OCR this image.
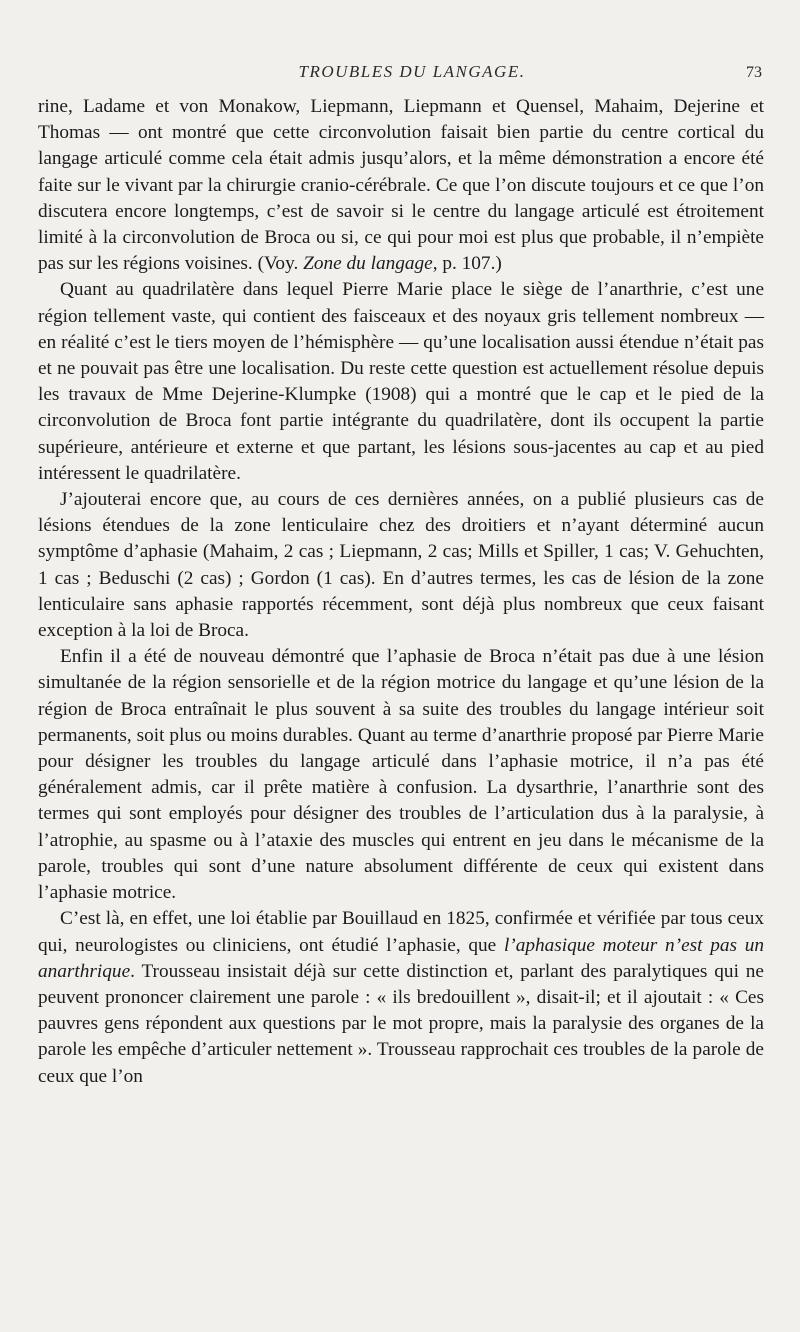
TROUBLES DU LANGAGE.	73

rine, Ladame et von Monakow, Liepmann, Liepmann et Quensel, Mahaim, Dejerine et Thomas — ont montré que cette circonvolution faisait bien partie du centre cortical du langage articulé comme cela était admis jusqu’alors, et la même démonstration a encore été faite sur le vivant par la chirurgie cranio-cérébrale. Ce que l’on discute toujours et ce que l’on discutera encore longtemps, c’est de savoir si le centre du langage articulé est étroitement limité à la circonvolution de Broca ou si, ce qui pour moi est plus que probable, il n’empiète pas sur les régions voisines. (Voy. Zone du langage, p. 107.)

Quant au quadrilatère dans lequel Pierre Marie place le siège de l’anarthrie, c’est une région tellement vaste, qui contient des faisceaux et des noyaux gris tellement nombreux — en réalité c’est le tiers moyen de l’hémisphère — qu’une localisation aussi étendue n’était pas et ne pouvait pas être une localisation. Du reste cette question est actuellement résolue depuis les travaux de Mme Dejerine-Klumpke (1908) qui a montré que le cap et le pied de la circonvolution de Broca font partie intégrante du quadrilatère, dont ils occupent la partie supérieure, antérieure et externe et que partant, les lésions sous-jacentes au cap et au pied intéressent le quadrilatère.

J’ajouterai encore que, au cours de ces dernières années, on a publié plusieurs cas de lésions étendues de la zone lenticulaire chez des droitiers et n’ayant déterminé aucun symptôme d’aphasie (Mahaim, 2 cas ; Liepmann, 2 cas; Mills et Spiller, 1 cas; V. Gehuchten, 1 cas ; Beduschi (2 cas) ; Gordon (1 cas). En d’autres termes, les cas de lésion de la zone lenticulaire sans aphasie rapportés récemment, sont déjà plus nombreux que ceux faisant exception à la loi de Broca.

Enfin il a été de nouveau démontré que l’aphasie de Broca n’était pas due à une lésion simultanée de la région sensorielle et de la région motrice du langage et qu’une lésion de la région de Broca entraînait le plus souvent à sa suite des troubles du langage intérieur soit permanents, soit plus ou moins durables. Quant au terme d’anarthrie proposé par Pierre Marie pour désigner les troubles du langage articulé dans l’aphasie motrice, il n’a pas été généralement admis, car il prête matière à confusion. La dysarthrie, l’anarthrie sont des termes qui sont employés pour désigner des troubles de l’articulation dus à la paralysie, à l’atrophie, au spasme ou à l’ataxie des muscles qui entrent en jeu dans le mécanisme de la parole, troubles qui sont d’une nature absolument différente de ceux qui existent dans l’aphasie motrice.

C’est là, en effet, une loi établie par Bouillaud en 1825, confirmée et vérifiée par tous ceux qui, neurologistes ou cliniciens, ont étudié l’aphasie, que l’aphasique moteur n’est pas un anarthrique. Trousseau insistait déjà sur cette distinction et, parlant des paralytiques qui ne peuvent prononcer clairement une parole : « ils bredouillent », disait-il; et il ajoutait : « Ces pauvres gens répondent aux questions par le mot propre, mais la paralysie des organes de la parole les empêche d’articuler nettement ». Trousseau rapprochait ces troubles de la parole de ceux que l’on
